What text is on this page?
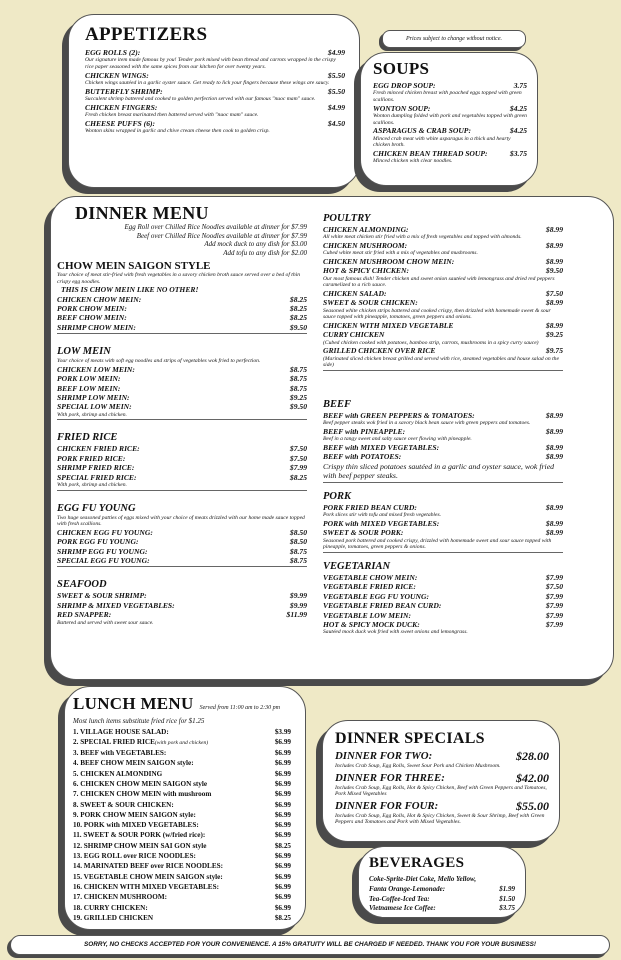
APPETIZERS
EGG ROLLS (2):	$4.99
Our signature item made famous by you! Tender pork mixed with bean thread and carrots wrapped in the crispy rice paper seasoned with the same spices from our kitchen for over twenty years.
CHICKEN WINGS:	$5.50
Chicken wings sautéed in a garlic oyster sauce. Get ready to lick your fingers because these wings are saucy.
BUTTERFLY SHRIMP:	$5.50
Succulent shrimp battered and cooked to golden perfection served with our famous "nuoc mam" sauce.
CHICKEN FINGERS:	$4.99
Fresh chicken breast marinated then battered served with "nuoc mam" sauce.
CHEESE PUFFS (6):	$4.50
Wonton skins wrapped in garlic and chive cream cheese then cook to golden crisp.
Prices subject to change without notice.
SOUPS
EGG DROP SOUP:	3.75
Fresh minced chicken breast with poached eggs topped with green scallions.
WONTON SOUP:	$4.25
Wonton dumpling folded with pork and vegetables topped with green scallions.
ASPARAGUS & CRAB SOUP:	$4.25
Minced crab meat with white asparagus in a thick and hearty chicken broth.
CHICKEN BEAN THREAD SOUP:	$3.75
Minced chicken with clear noodles.
DINNER MENU
Egg Roll over Chilled Rice Noodles available at dinner for $7.99
Beef over Chilled Rice Noodles available at dinner for $7.99
Add mock duck to any dish for $3.00
Add tofu to any dish for $2.00
CHOW MEIN SAIGON STYLE
Your choice of meat stir-fried with fresh vegetables in a savory chicken broth sauce served over a bed of thin crispy egg noodles.
THIS IS CHOW MEIN LIKE NO OTHER!
CHICKEN CHOW MEIN:	$8.25
PORK CHOW MEIN:	$8.25
BEEF CHOW MEIN:	$8.25
SHRIMP CHOW MEIN:	$9.50
LOW MEIN
Your choice of meats with soft egg noodles and strips of vegetables wok fried to perfection.
CHICKEN LOW MEIN:	$8.75
PORK LOW MEIN:	$8.75
BEEF LOW MEIN:	$8.75
SHRIMP LOW MEIN:	$9.25
SPECIAL LOW MEIN:	$9.50
With pork, shrimp and chicken.
FRIED RICE
CHICKEN FRIED RICE:	$7.50
PORK FRIED RICE:	$7.50
SHRIMP FRIED RICE:	$7.99
SPECIAL FRIED RICE:	$8.25
With pork, shrimp and chicken.
EGG FU YOUNG
Two huge seasoned patties of eggs mixed with your choice of meats drizzled with our home made sauce topped with fresh scallions.
CHICKEN EGG FU YOUNG:	$8.50
PORK EGG FU YOUNG:	$8.50
SHRIMP EGG FU YOUNG:	$8.75
SPECIAL EGG FU YOUNG:	$8.75
SEAFOOD
SWEET & SOUR SHRIMP:	$9.99
SHRIMP & MIXED VEGETABLES:	$9.99
RED SNAPPER:	$11.99
Battered and served with sweet sour sauce.
POULTRY
CHICKEN ALMONDING:	$8.99
All white meat chicken stir fried with a mix of fresh vegetables and topped with almonds.
CHICKEN MUSHROOM:	$8.99
Cubed white meat stir fried with a mix of vegetables and mushrooms.
CHICKEN MUSHROOM CHOW MEIN:	$8.99
HOT & SPICY CHICKEN:	$9.50
Our most famous dish! Tender chicken and sweet onion sautéed with lemongrass and dried red peppers caramelized to a rich sauce.
CHICKEN SALAD:	$7.50
SWEET & SOUR CHICKEN:	$8.99
Seasoned white chicken strips battered and cooked crispy, then drizzled with homemade sweet & sour sauce topped with pineapple, tomatoes, green peppers and onions.
CHICKEN WITH MIXED VEGETABLE	$8.99
CURRY CHICKEN	$9.25
(Cubed chicken cooked with potatoes, bamboo strip, carrots, mushrooms in a spicy curry sauce)
GRILLED CHICKEN OVER RICE	$9.75
(Marinated sliced chicken breast grilled and served with rice, steamed vegetables and house salad on the side)
BEEF
BEEF with GREEN PEPPERS & TOMATOES:	$8.99
Beef pepper steaks wok fried in a savory black bean sauce with green peppers and tomatoes.
BEEF with PINEAPPLE:	$8.99
Beef in a tangy sweet and salty sauce over flowing with pineapple.
BEEF with MIXED VEGETABLES:	$8.99
BEEF with POTATOES:	$8.99
Crispy thin sliced potatoes sautéed in a garlic and oyster sauce, wok fried with beef pepper steaks.
PORK
PORK FRIED BEAN CURD:	$8.99
Pork slices stir with tofu and mixed fresh vegetables.
PORK with MIXED VEGETABLES:	$8.99
SWEET & SOUR PORK:	$8.99
Seasoned pork battered and cooked crispy, drizzled with homemade sweet and sour sauce topped with pineapple, tomatoes, green peppers & onions.
VEGETARIAN
VEGETABLE CHOW MEIN:	$7.99
VEGETABLE FRIED RICE:	$7.50
VEGETABLE EGG FU YOUNG:	$7.99
VEGETABLE FRIED BEAN CURD:	$7.99
VEGETABLE LOW MEIN:	$7.99
HOT & SPICY MOCK DUCK:	$7.99
Sautéed mock duck wok fried with sweet onions and lemongrass.
LUNCH MENU Served from 11:00 am to 2:30 pm
Most lunch items substitute fried rice for $1.25
1. VILLAGE HOUSE SALAD:	$3.99
2. SPECIAL FRIED RICE(with pork and chicken)	$6.99
3. BEEF with VEGETABLES:	$6.99
4. BEEF CHOW MEIN SAIGON style:	$6.99
5. CHICKEN ALMONDING	$6.99
6. CHICKEN CHOW MEIN SAIGON style	$6.99
7. CHICKEN CHOW MEIN with mushroom	$6.99
8. SWEET & SOUR CHICKEN:	$6.99
9. PORK CHOW MEIN SAIGON style:	$6.99
10. PORK with MIXED VEGETABLES:	$6.99
11. SWEET & SOUR PORK (w/fried rice):	$6.99
12. SHRIMP CHOW MEIN SAI GON style	$8.25
13. EGG ROLL over RICE NOODLES:	$6.99
14. MARINATED BEEF over RICE NOODLES:	$6.99
15. VEGETABLE CHOW MEIN SAIGON style:	$6.99
16. CHICKEN WITH MIXED VEGETABLES:	$6.99
17. CHICKEN MUSHROOM:	$6.99
18. CURRY CHICKEN:	$6.99
19. GRILLED CHICKEN	$8.25
DINNER SPECIALS
DINNER FOR TWO:	$28.00
Includes Crab Soup, Egg Rolls, Sweet Sour Pork and Chicken Mushroom.
DINNER FOR THREE:	$42.00
Includes Crab Soup, Egg Rolls, Hot & Spicy Chicken, Beef with Green Peppers and Tomatoes, Pork Mixed Vegetables
DINNER FOR FOUR:	$55.00
Includes Crab Soup, Egg Rolls, Hot & Spicy Chicken, Sweet & Sour Shrimp, Beef with Green Peppers and Tomatoes and Pork with Mixed Vegetables.
BEVERAGES
Coke-Sprite-Diet Coke, Mello Yellow,
Fanta Orange-Lemonade:	$1.99
Tea-Coffee-Iced Tea:	$1.50
Vietnamese Ice Coffee:	$3.75
SORRY, NO CHECKS ACCEPTED FOR YOUR CONVENIENCE. A 15% GRATUITY WILL BE CHARGED IF NEEDED. THANK YOU FOR YOUR BUSINESS!
